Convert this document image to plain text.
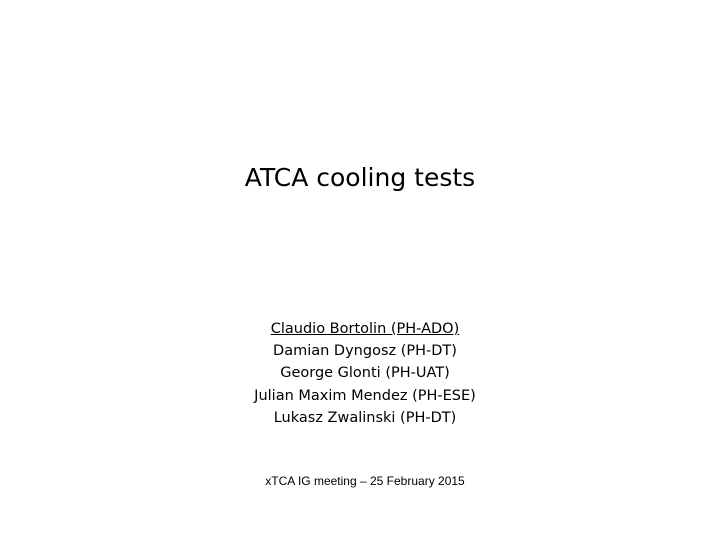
ATCA cooling tests
Claudio Bortolin (PH-ADO)
Damian Dyngosz (PH-DT)
George Glonti (PH-UAT)
Julian Maxim Mendez (PH-ESE)
Lukasz Zwalinski (PH-DT)
xTCA IG meeting – 25 February 2015
